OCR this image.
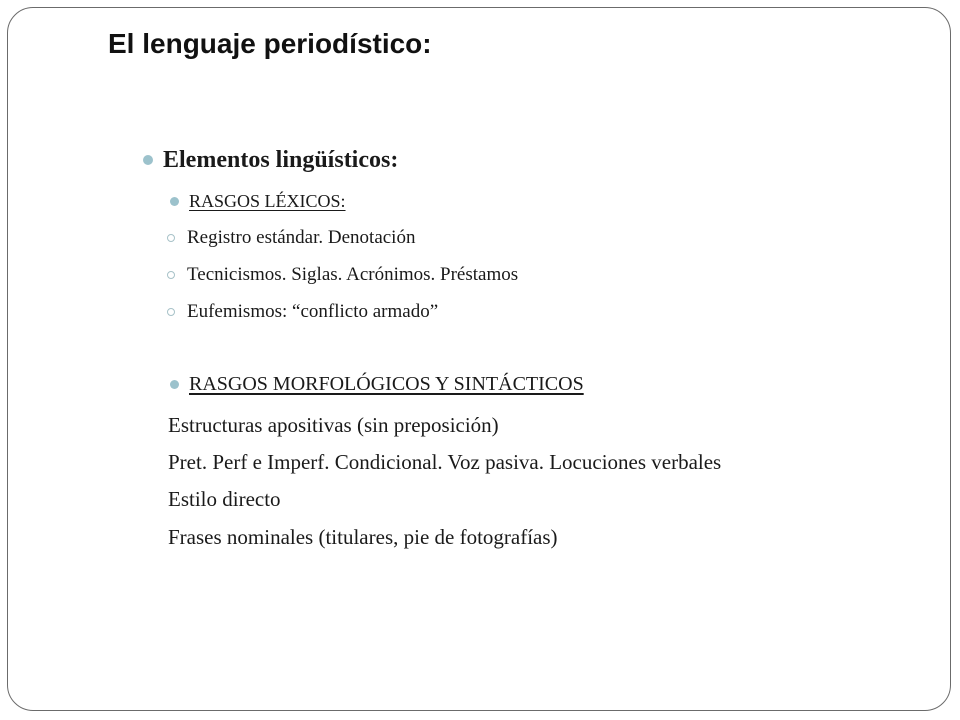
El lenguaje periodístico:
Elementos lingüísticos:
RASGOS LÉXICOS:
Registro estándar. Denotación
Tecnicismos. Siglas. Acrónimos. Préstamos
Eufemismos: “conflicto armado”
RASGOS MORFOLÓGICOS Y SINTÁCTICOS
Estructuras apositivas (sin preposición)
Pret. Perf e Imperf. Condicional. Voz pasiva. Locuciones verbales
Estilo directo
Frases nominales (titulares, pie de fotografías)
